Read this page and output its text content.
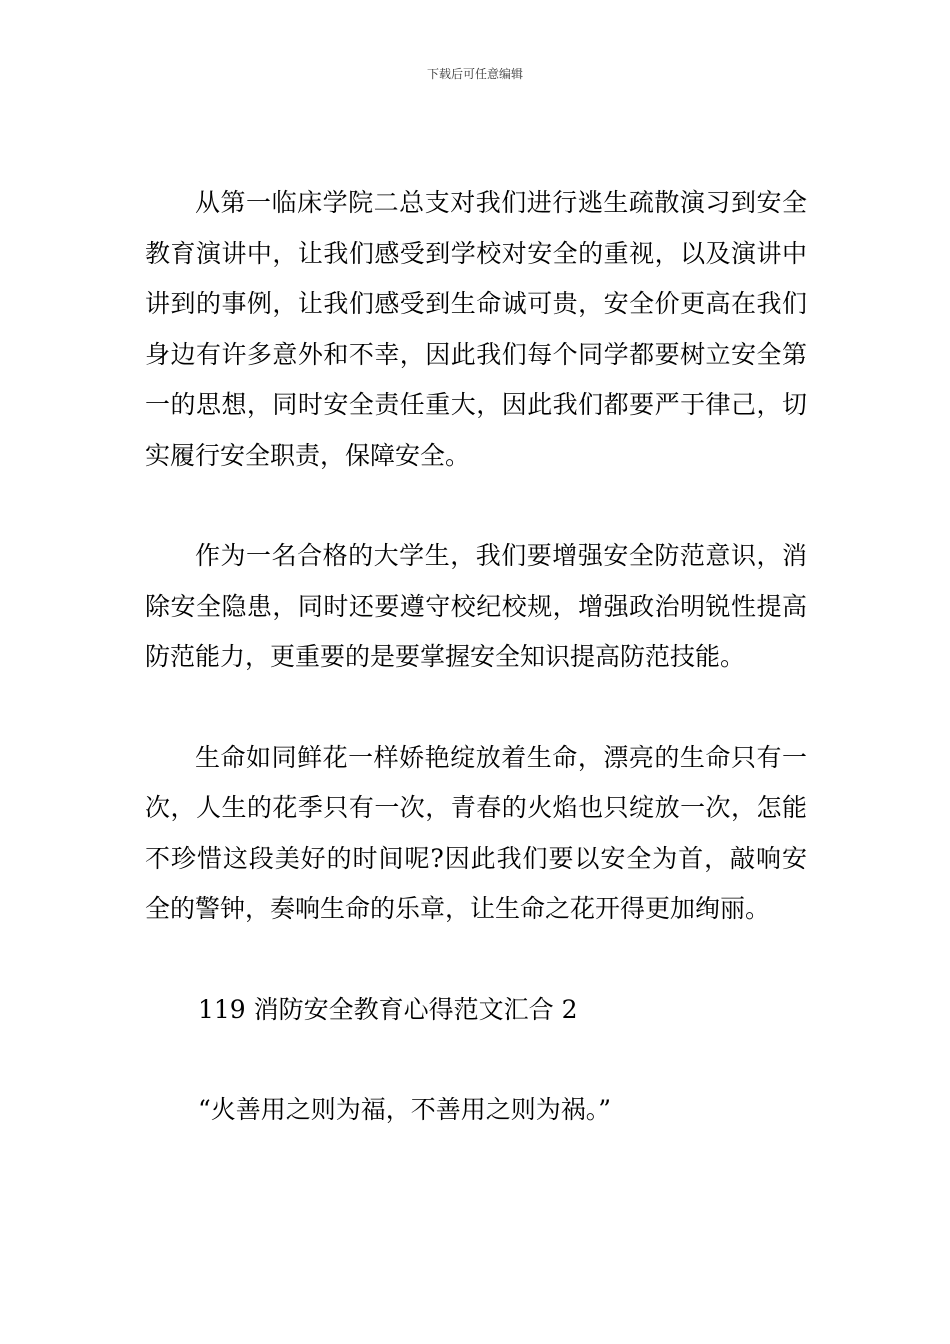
下载后可任意编辑

从第一临床学院二总支对我们进行逃生疏散演习到安全教育演讲中，让我们感受到学校对安全的重视，以及演讲中讲到的事例，让我们感受到生命诚可贵，安全价更高在我们身边有许多意外和不幸，因此我们每个同学都要树立安全第一的思想，同时安全责任重大，因此我们都要严于律己，切实履行安全职责，保障安全。

作为一名合格的大学生，我们要增强安全防范意识，消除安全隐患，同时还要遵守校纪校规，增强政治明锐性提高防范能力，更重要的是要掌握安全知识提高防范技能。

生命如同鲜花一样娇艳绽放着生命，漂亮的生命只有一次，人生的花季只有一次，青春的火焰也只绽放一次，怎能不珍惜这段美好的时间呢?因此我们要以安全为首，敲响安全的警钟，奏响生命的乐章，让生命之花开得更加绚丽。

119 消防安全教育心得范文汇合 2

“火善用之则为福，不善用之则为祸。”
